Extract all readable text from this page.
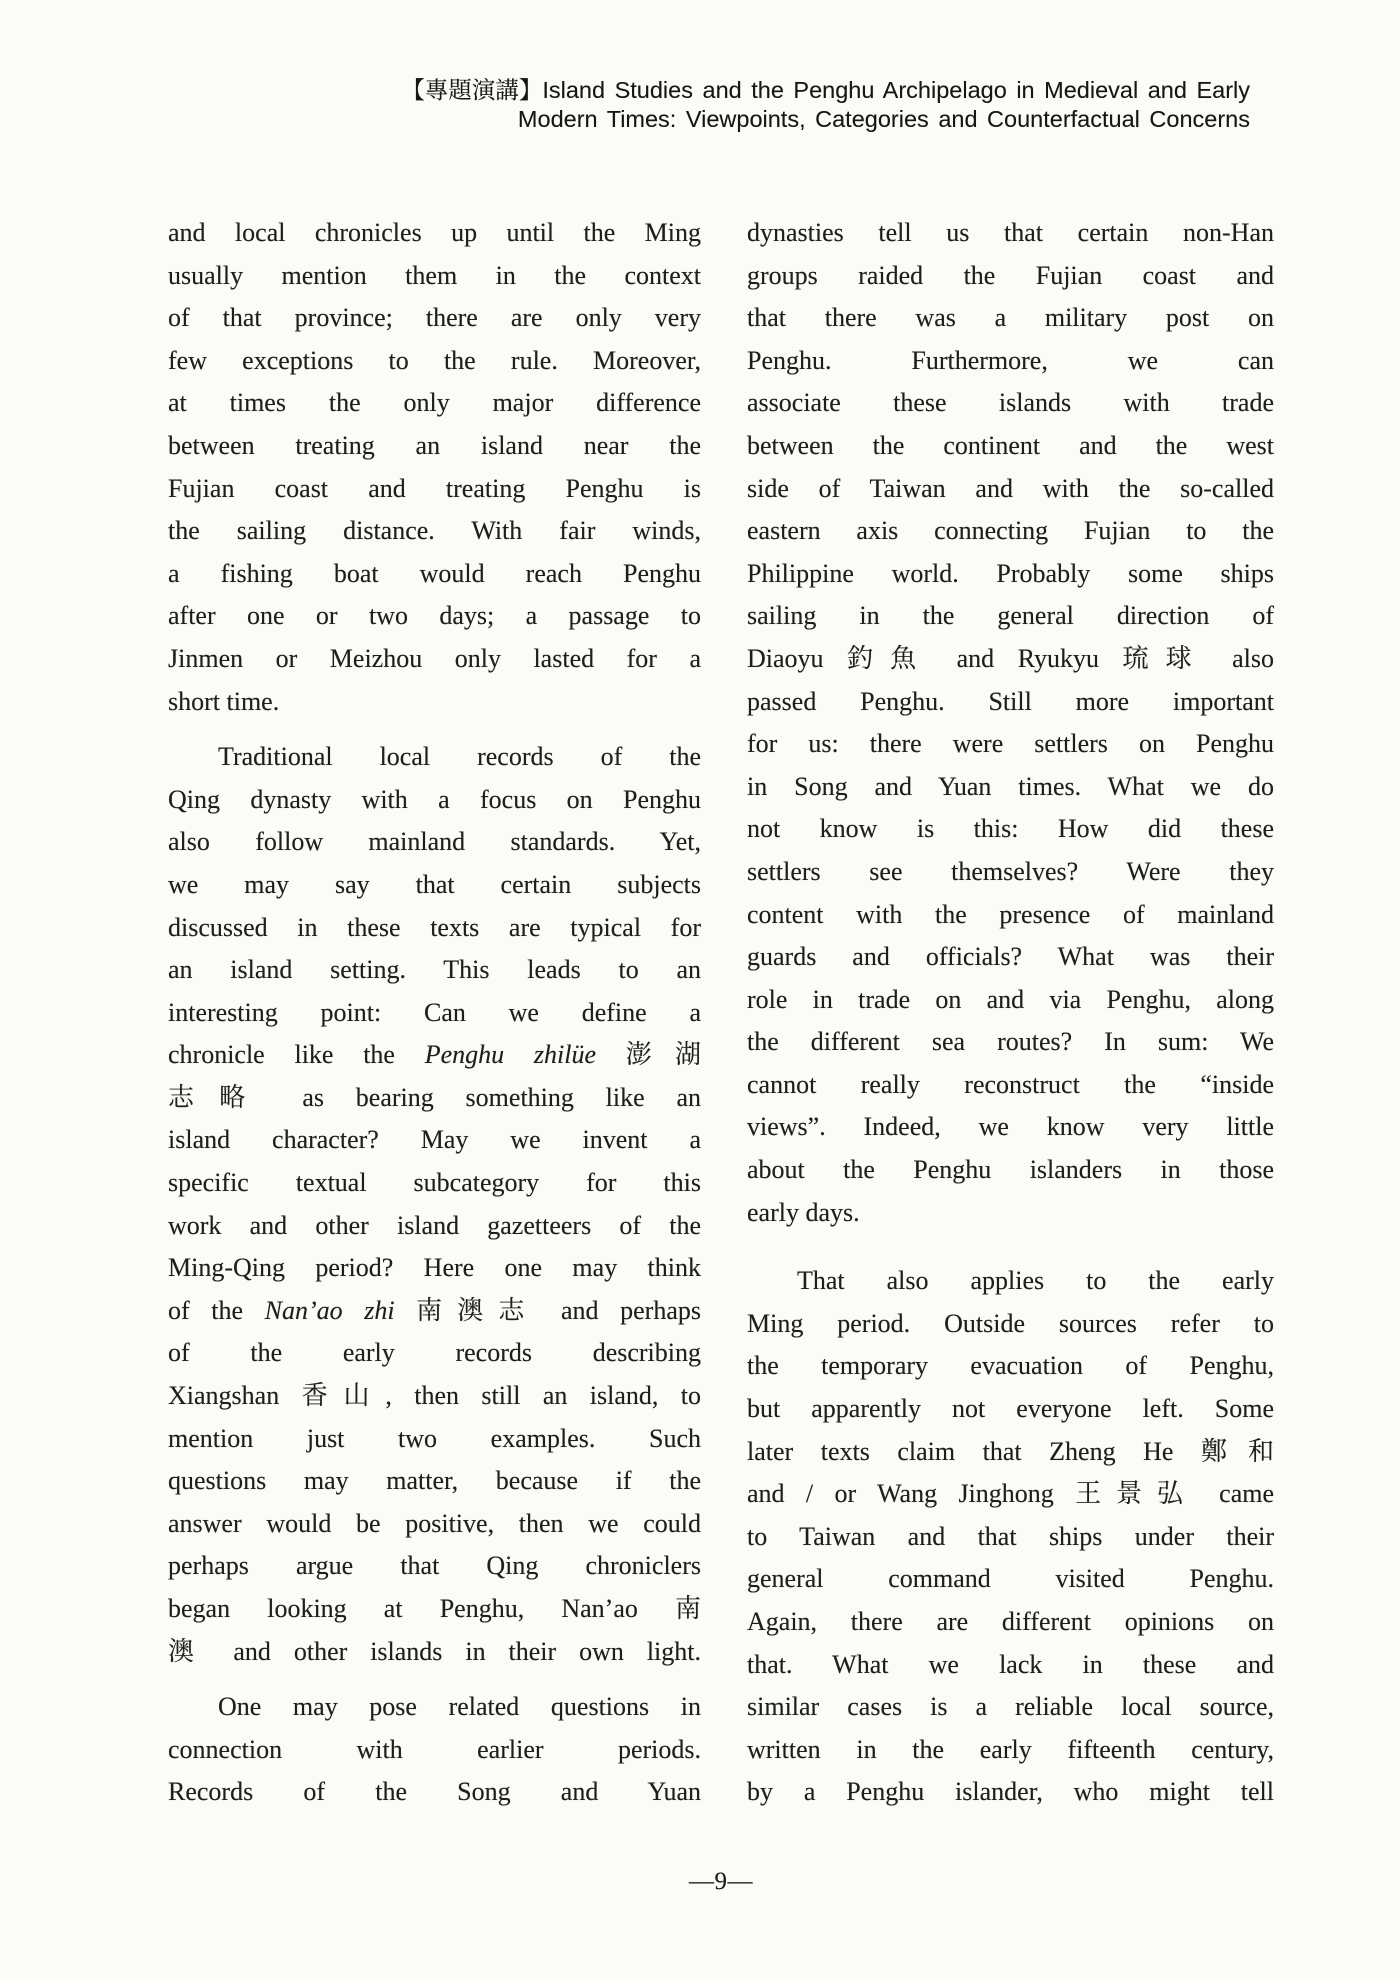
【專題演講】Island Studies and the Penghu Archipelago in Medieval and Early
Modern Times: Viewpoints, Categories and Counterfactual Concerns
and local chronicles up until the Ming
usually mention them in the context
of that province; there are only very
few exceptions to the rule. Moreover,
at times the only major difference
between treating an island near the
Fujian coast and treating Penghu is
the sailing distance. With fair winds,
a fishing boat would reach Penghu
after one or two days; a passage to
Jinmen or Meizhou only lasted for a
short time.
Traditional local records of the
Qing dynasty with a focus on Penghu
also follow mainland standards. Yet,
we may say that certain subjects
discussed in these texts are typical for
an island setting. This leads to an
interesting point: Can we define a
chronicle like the Penghu zhilüe 澎湖
志略 as bearing something like an
island character? May we invent a
specific textual subcategory for this
work and other island gazetteers of the
Ming-Qing period? Here one may think
of the Nan’ao zhi 南澳志 and perhaps
of the early records describing
Xiangshan 香山, then still an island, to
mention just two examples. Such
questions may matter, because if the
answer would be positive, then we could
perhaps argue that Qing chroniclers
began looking at Penghu, Nan’ao 南
澳 and other islands in their own light.
One may pose related questions in
connection with earlier periods.
Records of the Song and Yuan
dynasties tell us that certain non-Han
groups raided the Fujian coast and
that there was a military post on
Penghu. Furthermore, we can
associate these islands with trade
between the continent and the west
side of Taiwan and with the so-called
eastern axis connecting Fujian to the
Philippine world. Probably some ships
sailing in the general direction of
Diaoyu 釣魚 and Ryukyu 琉球 also
passed Penghu. Still more important
for us: there were settlers on Penghu
in Song and Yuan times. What we do
not know is this: How did these
settlers see themselves? Were they
content with the presence of mainland
guards and officials? What was their
role in trade on and via Penghu, along
the different sea routes? In sum: We
cannot really reconstruct the “inside
views”. Indeed, we know very little
about the Penghu islanders in those
early days.
That also applies to the early
Ming period. Outside sources refer to
the temporary evacuation of Penghu,
but apparently not everyone left. Some
later texts claim that Zheng He 鄭和
and / or Wang Jinghong 王景弘 came
to Taiwan and that ships under their
general command visited Penghu.
Again, there are different opinions on
that. What we lack in these and
similar cases is a reliable local source,
written in the early fifteenth century,
by a Penghu islander, who might tell
—9—
